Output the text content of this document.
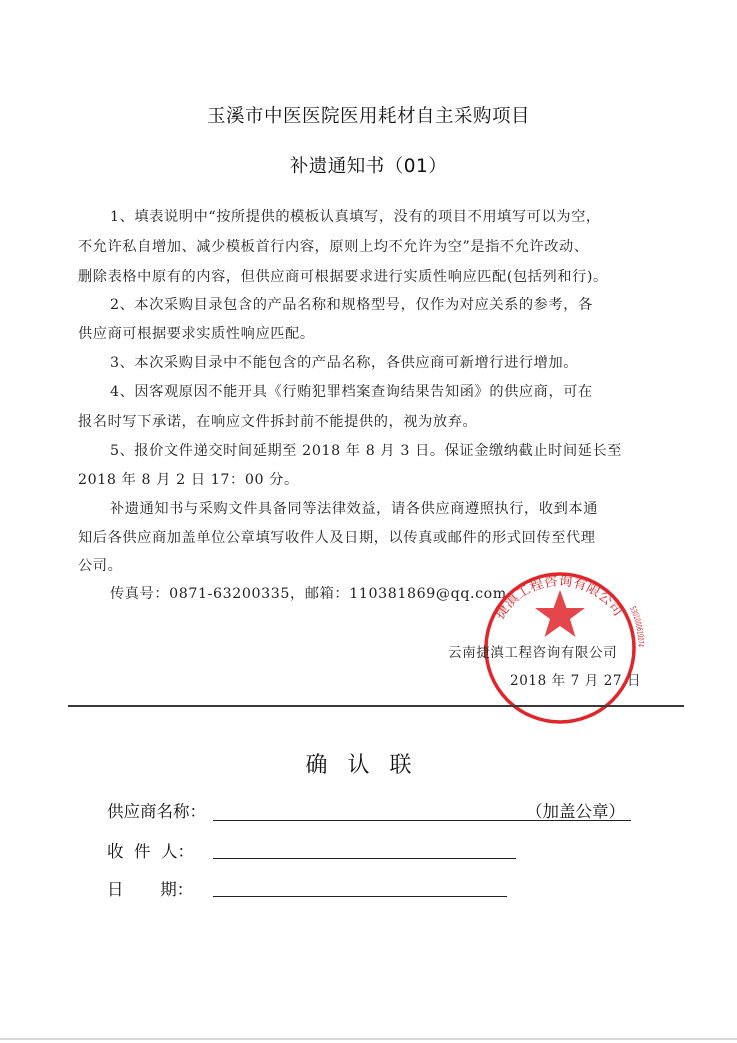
玉溪市中医医院医用耗材自主采购项目
补遗通知书（01）
1、填表说明中“按所提供的模板认真填写，没有的项目不用填写可以为空，
不允许私自增加、减少模板首行内容，原则上均不允许为空”是指不允许改动、
删除表格中原有的内容，但供应商可根据要求进行实质性响应匹配(包括列和行)。
2、本次采购目录包含的产品名称和规格型号，仅作为对应关系的参考，各
供应商可根据要求实质性响应匹配。
3、本次采购目录中不能包含的产品名称，各供应商可新增行进行增加。
4、因客观原因不能开具《行贿犯罪档案查询结果告知函》的供应商，可在
报名时写下承诺，在响应文件拆封前不能提供的，视为放弃。
5、报价文件递交时间延期至 2018 年 8 月 3 日。保证金缴纳截止时间延长至
2018 年 8 月 2 日 17：00 分。
补遗通知书与采购文件具备同等法律效益，请各供应商遵照执行，收到本通
知后各供应商加盖单位公章填写收件人及日期，以传真或邮件的形式回传至代理
公司。
传真号：0871-63200335，邮箱：110381869@qq.com
捷滇工程咨询有限公司 5301000610074
云南捷滇工程咨询有限公司
2018 年 7 月 27 日
确认联
供应商名称：	（加盖公章）
收  件  人：
日       期：
